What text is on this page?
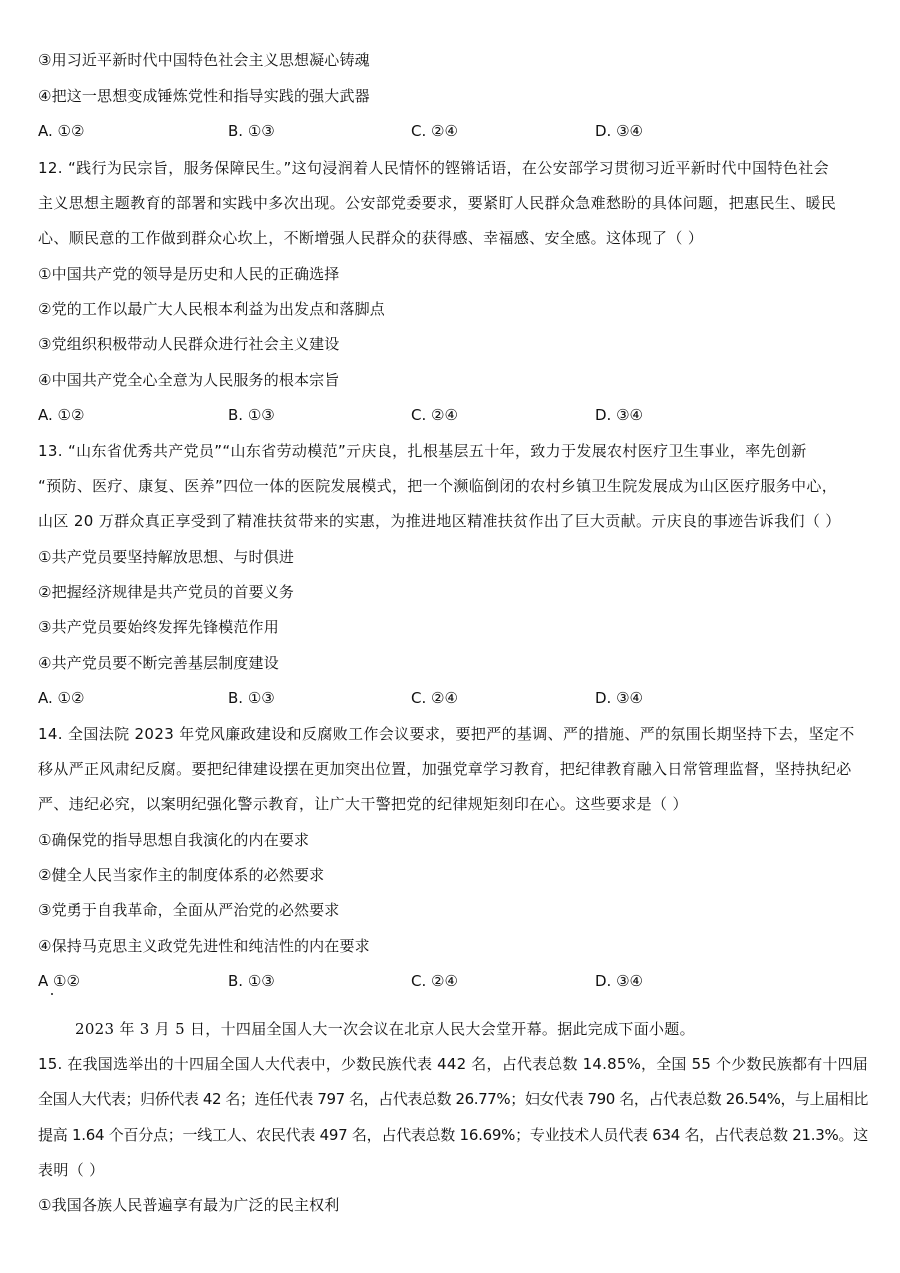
③用习近平新时代中国特色社会主义思想凝心铸魂
④把这一思想变成锤炼党性和指导实践的强大武器
A. ①②	B. ①③	C. ②④	D. ③④
12. “践行为民宗旨，服务保障民生。”这句浸润着人民情怀的铿锵话语，在公安部学习贯彻习近平新时代中国特色社会
主义思想主题教育的部署和实践中多次出现。公安部党委要求，要紧盯人民群众急难愁盼的具体问题，把惠民生、暖民
心、顺民意的工作做到群众心坎上，不断增强人民群众的获得感、幸福感、安全感。这体现了（ ）
①中国共产党的领导是历史和人民的正确选择
②党的工作以最广大人民根本利益为出发点和落脚点
③党组织积极带动人民群众进行社会主义建设
④中国共产党全心全意为人民服务的根本宗旨
A. ①②	B. ①③	C. ②④	D. ③④
13. “山东省优秀共产党员”“山东省劳动模范”亓庆良，扎根基层五十年，致力于发展农村医疗卫生事业，率先创新
“预防、医疗、康复、医养”四位一体的医院发展模式，把一个濒临倒闭的农村乡镇卫生院发展成为山区医疗服务中心，
山区 20 万群众真正享受到了精准扶贫带来的实惠，为推进地区精准扶贫作出了巨大贡献。亓庆良的事迹告诉我们（ ）
①共产党员要坚持解放思想、与时俱进
②把握经济规律是共产党员的首要义务
③共产党员要始终发挥先锋模范作用
④共产党员要不断完善基层制度建设
A. ①②	B. ①③	C. ②④	D. ③④
14. 全国法院 2023 年党风廉政建设和反腐败工作会议要求，要把严的基调、严的措施、严的氛围长期坚持下去，坚定不
移从严正风肃纪反腐。要把纪律建设摆在更加突出位置，加强党章学习教育，把纪律教育融入日常管理监督，坚持执纪必
严、违纪必究，以案明纪强化警示教育，让广大干警把党的纪律规矩刻印在心。这些要求是（ ）
①确保党的指导思想自我演化的内在要求
②健全人民当家作主的制度体系的必然要求
③党勇于自我革命，全面从严治党的必然要求
④保持马克思主义政党先进性和纯洁性的内在要求
A ①②	B. ①③	C. ②④	D. ③④
2023 年 3 月 5 日，十四届全国人大一次会议在北京人民大会堂开幕。据此完成下面小题。
15. 在我国选举出的十四届全国人大代表中，少数民族代表 442 名，占代表总数 14.85%，全国 55 个少数民族都有十四届
全国人大代表；归侨代表 42 名；连任代表 797 名，占代表总数 26.77%；妇女代表 790 名，占代表总数 26.54%，与上届相比
提高 1.64 个百分点；一线工人、农民代表 497 名，占代表总数 16.69%；专业技术人员代表 634 名，占代表总数 21.3%。这
表明（ ）
①我国各族人民普遍享有最为广泛的民主权利
